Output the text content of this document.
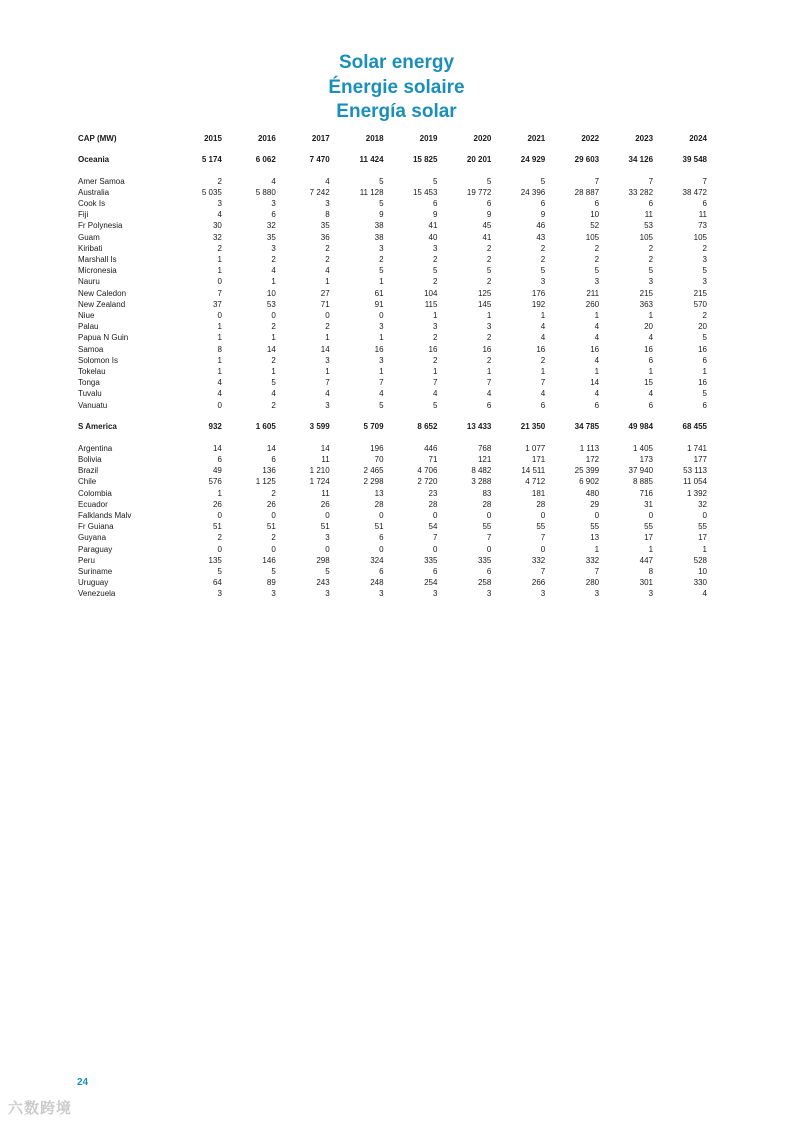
Solar energy
Énergie solaire
Energía solar
CAP (MW)	2015	2016	2017	2018	2019	2020	2021	2022	2023	2024

Oceania	5 174	6 062	7 470	11 424	15 825	20 201	24 929	29 603	34 126	39 548

Amer Samoa	2	4	4	5	5	5	5	7	7	7
Australia	5 035	5 880	7 242	11 128	15 453	19 772	24 396	28 887	33 282	38 472
Cook Is	3	3	3	5	6	6	6	6	6	6
Fiji	4	6	8	9	9	9	9	10	11	11
Fr Polynesia	30	32	35	38	41	45	46	52	53	73
Guam	32	35	36	38	40	41	43	105	105	105
Kiribati	2	3	2	3	3	2	2	2	2	2
Marshall Is	1	2	2	2	2	2	2	2	2	3
Micronesia	1	4	4	5	5	5	5	5	5	5
Nauru	0	1	1	1	2	2	3	3	3	3
New Caledon	7	10	27	61	104	125	176	211	215	215
New Zealand	37	53	71	91	115	145	192	260	363	570
Niue	0	0	0	0	1	1	1	1	1	2
Palau	1	2	2	3	3	3	4	4	20	20
Papua N Guin	1	1	1	1	2	2	4	4	4	5
Samoa	8	14	14	16	16	16	16	16	16	16
Solomon Is	1	2	3	3	2	2	2	4	6	6
Tokelau	1	1	1	1	1	1	1	1	1	1
Tonga	4	5	7	7	7	7	7	14	15	16
Tuvalu	4	4	4	4	4	4	4	4	4	5
Vanuatu	0	2	3	5	5	6	6	6	6	6

S America	932	1 605	3 599	5 709	8 652	13 433	21 350	34 785	49 984	68 455

Argentina	14	14	14	196	446	768	1 077	1 113	1 405	1 741
Bolivia	6	6	11	70	71	121	171	172	173	177
Brazil	49	136	1 210	2 465	4 706	8 482	14 511	25 399	37 940	53 113
Chile	576	1 125	1 724	2 298	2 720	3 288	4 712	6 902	8 885	11 054
Colombia	1	2	11	13	23	83	181	480	716	1 392
Ecuador	26	26	26	28	28	28	28	29	31	32
Falklands Malv	0	0	0	0	0	0	0	0	0	0
Fr Guiana	51	51	51	51	54	55	55	55	55	55
Guyana	2	2	3	6	7	7	7	13	17	17
Paraguay	0	0	0	0	0	0	0	1	1	1
Peru	135	146	298	324	335	335	332	332	447	528
Suriname	5	5	5	6	6	6	7	7	8	10
Uruguay	64	89	243	248	254	258	266	280	301	330
Venezuela	3	3	3	3	3	3	3	3	3	4
24
六数跨境
